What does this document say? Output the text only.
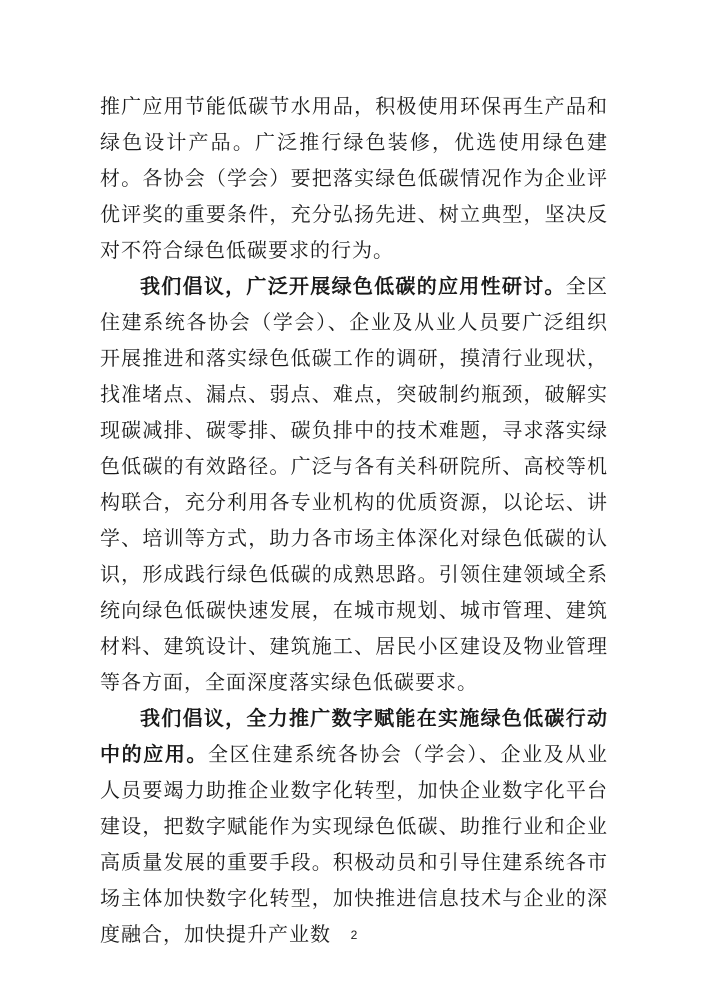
推广应用节能低碳节水用品，积极使用环保再生产品和绿色设计产品。广泛推行绿色装修，优选使用绿色建材。各协会（学会）要把落实绿色低碳情况作为企业评优评奖的重要条件，充分弘扬先进、树立典型，坚决反对不符合绿色低碳要求的行为。

我们倡议，广泛开展绿色低碳的应用性研讨。全区住建系统各协会（学会）、企业及从业人员要广泛组织开展推进和落实绿色低碳工作的调研，摸清行业现状，找准堵点、漏点、弱点、难点，突破制约瓶颈，破解实现碳减排、碳零排、碳负排中的技术难题，寻求落实绿色低碳的有效路径。广泛与各有关科研院所、高校等机构联合，充分利用各专业机构的优质资源，以论坛、讲学、培训等方式，助力各市场主体深化对绿色低碳的认识，形成践行绿色低碳的成熟思路。引领住建领域全系统向绿色低碳快速发展，在城市规划、城市管理、建筑材料、建筑设计、建筑施工、居民小区建设及物业管理等各方面，全面深度落实绿色低碳要求。

我们倡议，全力推广数字赋能在实施绿色低碳行动中的应用。全区住建系统各协会（学会）、企业及从业人员要竭力助推企业数字化转型，加快企业数字化平台建设，把数字赋能作为实现绿色低碳、助推行业和企业高质量发展的重要手段。积极动员和引导住建系统各市场主体加快数字化转型，加快推进信息技术与企业的深度融合，加快提升产业数	2
